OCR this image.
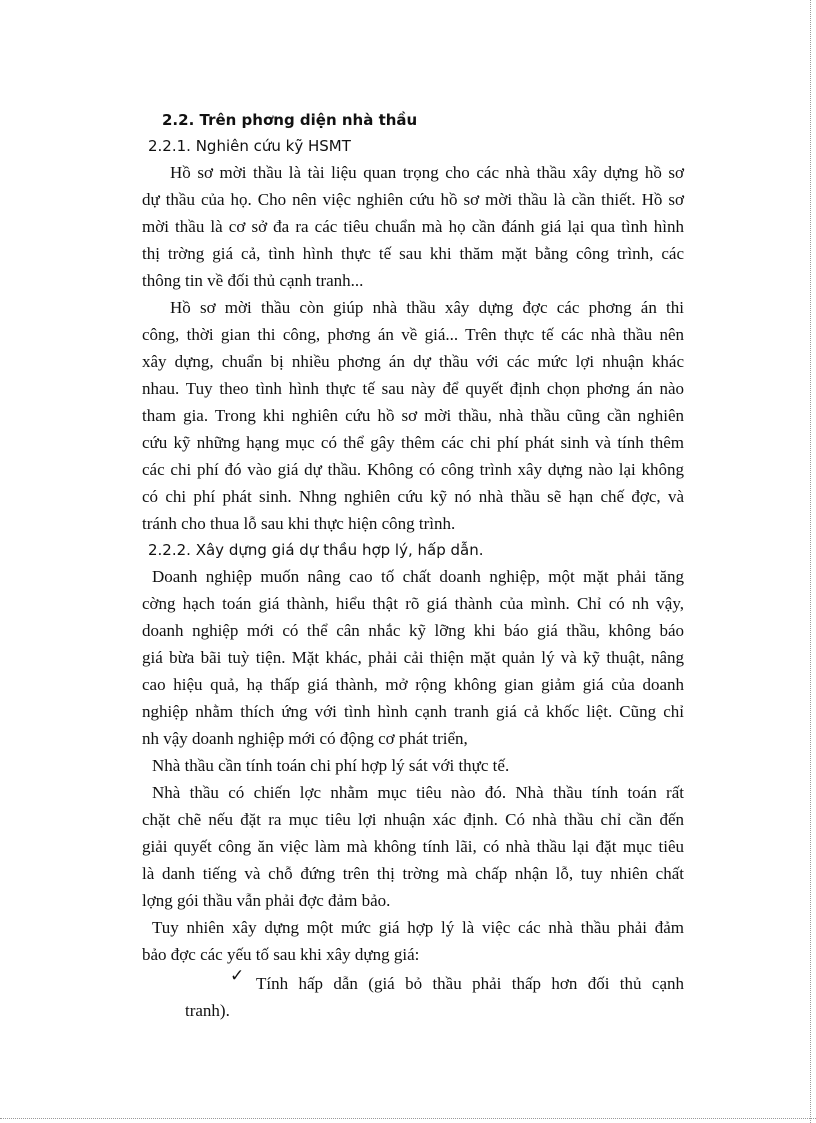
2.2. Trên phơng diện nhà thầu
2.2.1. Nghiên cứu kỹ HSMT
Hồ sơ mời thầu là tài liệu quan trọng cho các nhà thầu xây dựng hồ sơ
dự thầu của họ. Cho nên việc nghiên cứu hồ sơ mời thầu là cần thiết. Hồ sơ
mời thầu là cơ sở đa ra các tiêu chuẩn mà họ cần đánh giá lại qua tình hình
thị trờng giá cả, tình hình thực tế sau khi thăm mặt bằng công trình, các
thông tin về đối thủ cạnh tranh...
Hồ sơ mời thầu còn giúp nhà thầu xây dựng đợc các phơng án thi
công, thời gian thi công, phơng án về giá... Trên thực tế các nhà thầu nên
xây dựng, chuẩn bị nhiều phơng án dự thầu với các mức lợi nhuận khác
nhau. Tuy theo tình hình thực tế sau này để quyết định chọn phơng án nào
tham gia. Trong khi nghiên cứu hồ sơ mời thầu, nhà thầu cũng cần nghiên
cứu kỹ những hạng mục có thể gây thêm các chi phí phát sinh và tính thêm
các chi phí đó vào giá dự thầu. Không có công trình xây dựng nào lại không
có chi phí phát sinh. Nhng nghiên cứu kỹ nó nhà thầu sẽ hạn chế đợc, và
tránh cho thua lỗ sau khi thực hiện công trình.
2.2.2. Xây dựng giá dự thầu hợp lý, hấp dẫn.
Doanh nghiệp muốn nâng cao tố chất doanh nghiệp, một mặt phải tăng
cờng hạch toán giá thành, hiểu thật rõ giá thành của mình. Chỉ có nh vậy,
doanh nghiệp mới có thể cân nhắc kỹ lỡng khi báo giá thầu, không báo
giá bừa bãi tuỳ tiện. Mặt khác, phải cải thiện mặt quản lý và kỹ thuật, nâng
cao hiệu quả, hạ thấp giá thành, mở rộng không gian giảm giá của doanh
nghiệp nhằm thích ứng với tình hình cạnh tranh giá cả khốc liệt. Cũng chỉ
nh vậy doanh nghiệp mới có động cơ phát triển,
Nhà thầu cần tính toán chi phí hợp lý sát với thực tế.
Nhà thầu có chiến lợc nhằm mục tiêu nào đó. Nhà thầu tính toán rất
chặt chẽ nếu đặt ra mục tiêu lợi nhuận xác định. Có nhà thầu chỉ cần đến
giải quyết công ăn việc làm mà không tính lãi, có nhà thầu lại đặt mục tiêu
là danh tiếng và chỗ đứng trên thị trờng mà chấp nhận lỗ, tuy nhiên chất
lợng gói thầu vẫn phải đợc đảm bảo.
Tuy nhiên xây dựng một mức giá hợp lý là việc các nhà thầu phải đảm
bảo đợc các yếu tố sau khi xây dựng giá:
✓ Tính hấp dẫn (giá bỏ thầu phải thấp hơn đối thủ cạnh
tranh).
